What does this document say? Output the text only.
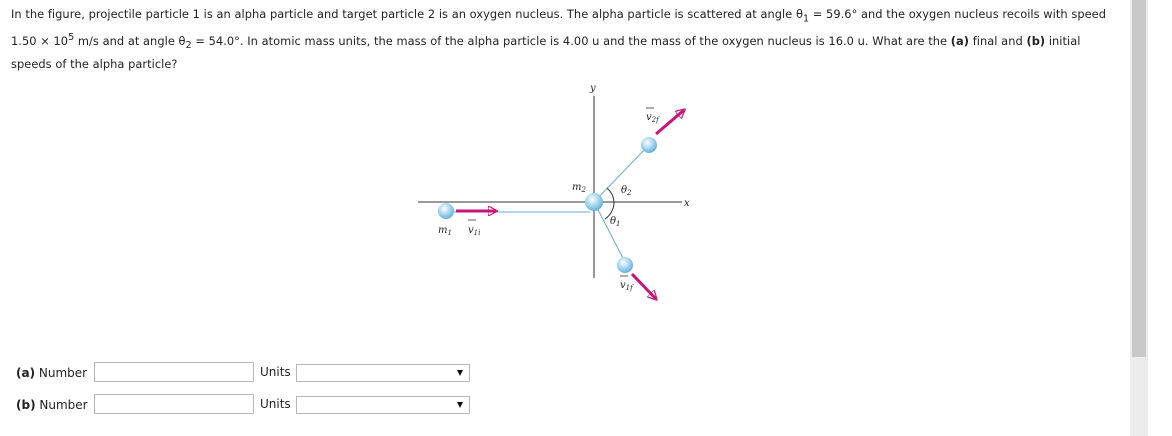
In the figure, projectile particle 1 is an alpha particle and target particle 2 is an oxygen nucleus. The alpha particle is scattered at angle $\theta_1 = 59.6^\circ$ and the oxygen nucleus recoils with speed $1.50 \times 10^5$ m/s and at angle $\theta_2 = 54.0^\circ$. In atomic mass units, the mass of the alpha particle is 4.00 u and the mass of the oxygen nucleus is 16.0 u. What are the (a) final and (b) initial speeds of the alpha particle?
y
x
$m_1$ $v_{1i}$
$m_2$	$\theta_2$
$\theta_1$
$v_{1f}$
$v_{2f}$
(a) Number	Units
(b) Number	Units
